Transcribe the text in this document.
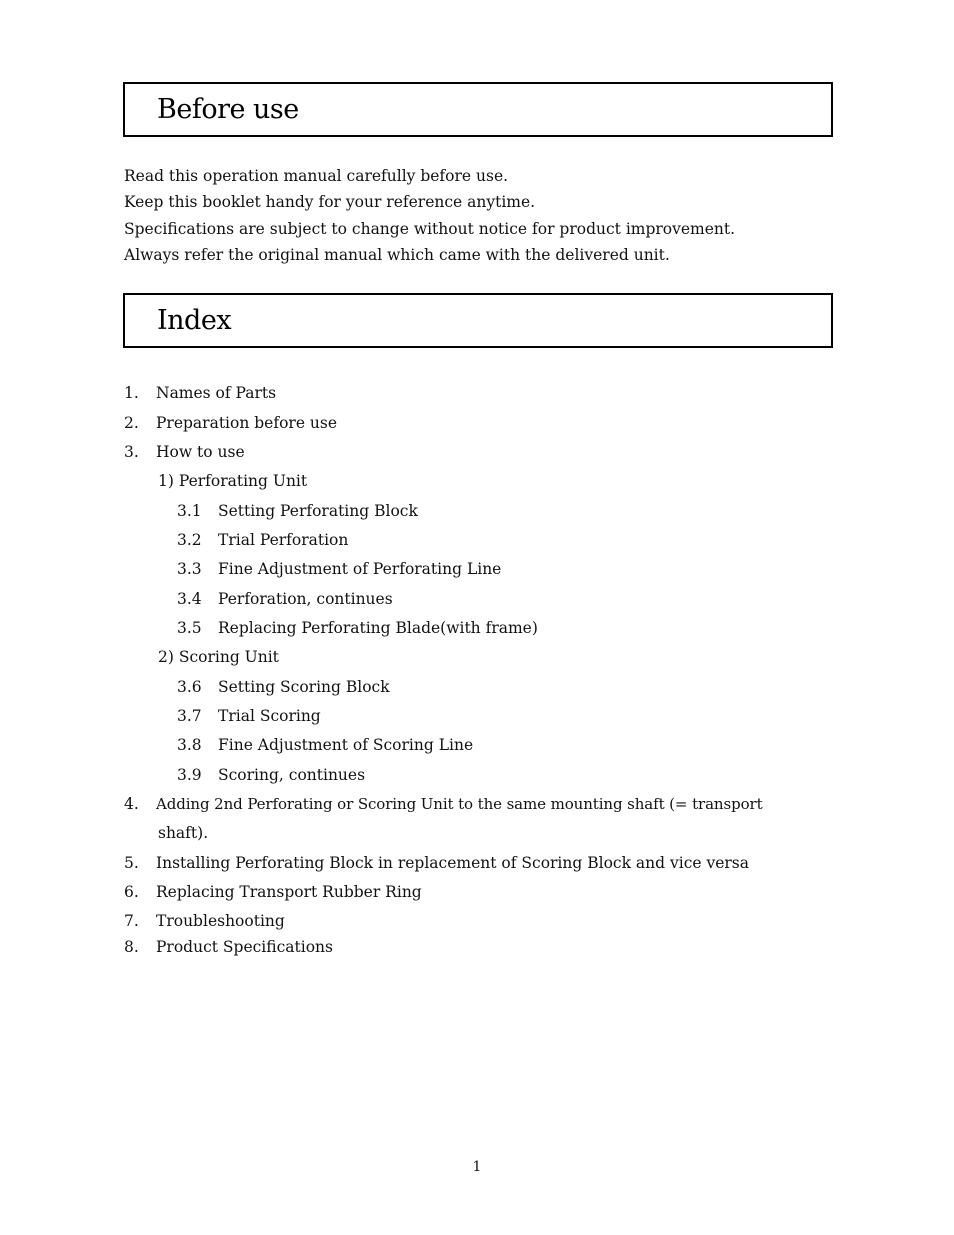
Before use
Read this operation manual carefully before use.
Keep this booklet handy for your reference anytime.
Specifications are subject to change without notice for product improvement.
Always refer the original manual which came with the delivered unit.
Index
1. Names of Parts
2. Preparation before use
3. How to use
1) Perforating Unit
3.1 Setting Perforating Block
3.2 Trial Perforation
3.3 Fine Adjustment of Perforating Line
3.4 Perforation, continues
3.5 Replacing Perforating Blade(with frame)
2) Scoring Unit
3.6 Setting Scoring Block
3.7 Trial Scoring
3.8 Fine Adjustment of Scoring Line
3.9 Scoring, continues
4. Adding 2nd Perforating or Scoring Unit to the same mounting shaft (= transport
shaft).
5. Installing Perforating Block in replacement of Scoring Block and vice versa
6. Replacing Transport Rubber Ring
7. Troubleshooting
8. Product Specifications
1
